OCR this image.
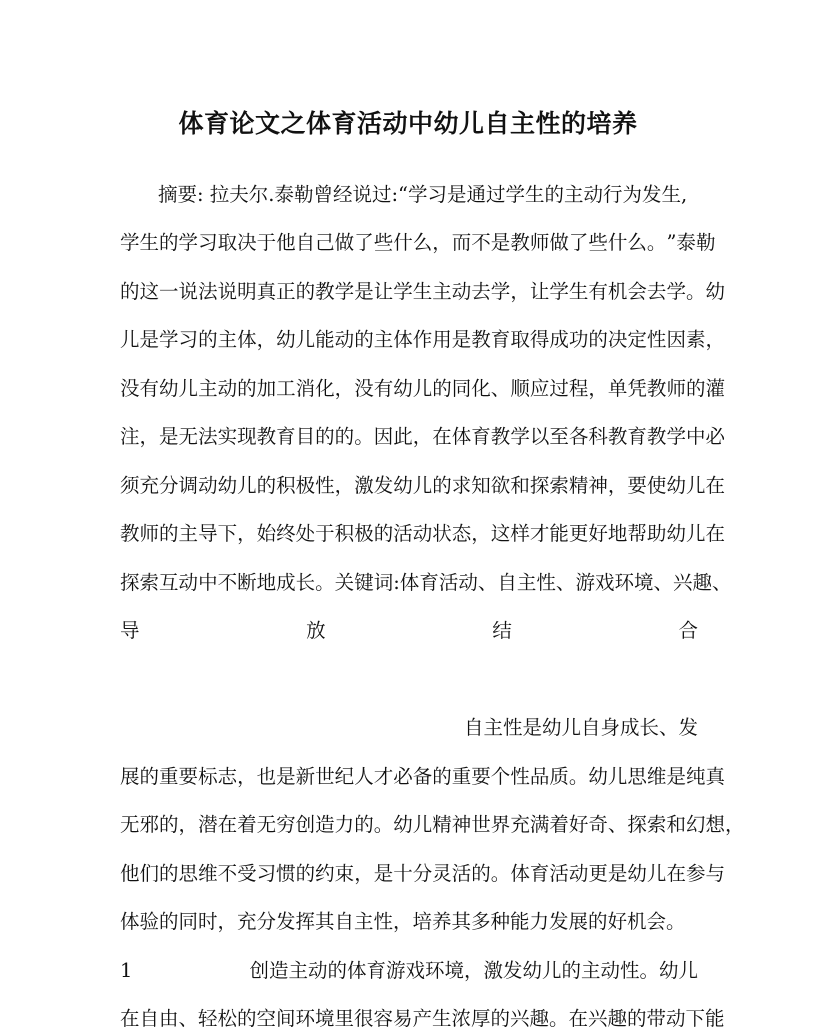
体育论文之体育活动中幼儿自主性的培养
摘要: 拉夫尔.泰勒曾经说过:“学习是通过学生的主动行为发生,
学 生 的 学 习 取 决 于 他 自 己 做 了 些 什 么 ， 而 不 是 教 师 做 了 些 什 么 。 ” 泰 勒
的 这 一 说 法 说 明 真 正 的 教 学 是 让 学 生 主 动 去 学 ， 让 学 生 有 机 会 去 学 。 幼
儿 是 学 习 的 主 体 ， 幼 儿 能 动 的 主 体 作 用 是 教 育 取 得 成 功 的 决 定 性 因 素 ，
没 有 幼 儿 主 动 的 加 工 消 化 ， 没 有 幼 儿 的 同 化 、 顺 应 过 程 ， 单 凭 教 师 的 灌
注 ， 是 无 法 实 现 教 育 目 的 的 。 因 此 ， 在 体 育 教 学 以 至 各 科 教 育 教 学 中 必
须 充 分 调 动 幼 儿 的 积 极 性 ， 激 发 幼 儿 的 求 知 欲 和 探 索 精 神 ， 要 使 幼 儿 在
教 师 的 主 导 下 ， 始 终 处 于 积 极 的 活 动 状 态 ， 这 样 才 能 更 好 地 帮 助 幼 儿 在
探 索 互 动 中 不 断 地 成 长 。 关 键 词 : 体 育 活 动 、 自 主 性 、 游 戏 环 境 、 兴 趣 、
导	放	结	合
自主性是幼儿自身成长、发
展 的 重 要 标 志 ， 也 是 新 世 纪 人 才 必 备 的 重 要 个 性 品 质 。 幼 儿 思 维 是 纯 真
无 邪 的 ， 潜 在 着 无 穷 创 造 力 的 。 幼 儿 精 神 世 界 充 满 着 好 奇 、 探 索 和 幻 想 ，
他 们 的 思 维 不 受 习 惯 的 约 束 ， 是 十 分 灵 活 的 。 体 育 活 动 更 是 幼 儿 在 参 与
体验的同时，充分发挥其自主性，培养其多种能力发展的好机会。
1	创造主动的体育游戏环境，激发幼儿的主动性。幼儿
在自由、轻松的空间环境里很容易产生浓厚的兴趣。在兴趣的带动下能
